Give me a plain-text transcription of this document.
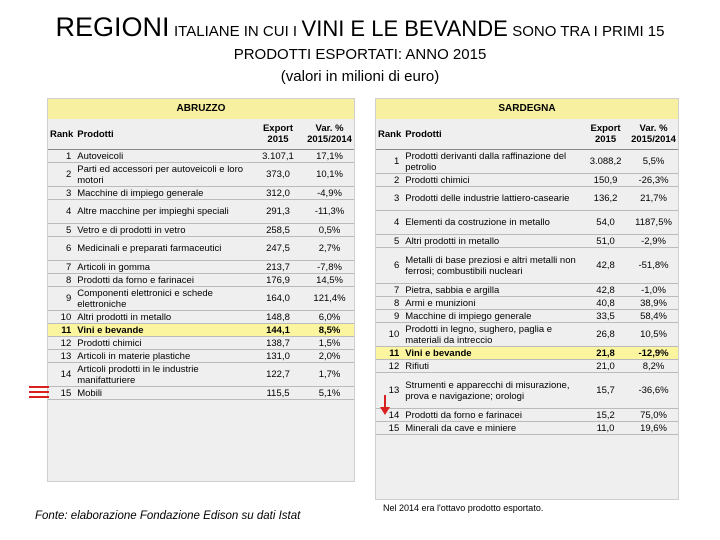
REGIONI ITALIANE IN CUI I VINI E LE BEVANDE SONO TRA I PRIMI 15
PRODOTTI ESPORTATI: ANNO 2015
(valori in milioni di euro)
ABRUZZO
Rank	Prodotti	Export 2015	Var. %
2015/2014
1	Autoveicoli	3.107,1	17,1%
2	Parti ed accessori per autoveicoli e loro motori	373,0	10,1%
3	Macchine di impiego generale	312,0	-4,9%
4	Altre macchine per impieghi speciali	291,3	-11,3%
5	Vetro e di prodotti in vetro	258,5	0,5%
6	Medicinali e preparati farmaceutici	247,5	2,7%
7	Articoli in gomma	213,7	-7,8%
8	Prodotti da forno e farinacei	176,9	14,5%
9	Componenti elettronici e schede elettroniche	164,0	121,4%
10	Altri prodotti in metallo	148,8	6,0%
11	Vini e bevande	144,1	8,5%
12	Prodotti chimici	138,7	1,5%
13	Articoli in materie plastiche	131,0	2,0%
14	Articoli prodotti in le industrie manifatturiere	122,7	1,7%
15	Mobili	115,5	5,1%
SARDEGNA
Rank	Prodotti	Export 2015	Var. %
2015/2014
1	Prodotti derivanti dalla raffinazione del petrolio	3.088,2	5,5%
2	Prodotti chimici	150,9	-26,3%
3	Prodotti delle industrie lattiero-casearie	136,2	21,7%
4	Elementi da costruzione in metallo	54,0	1187,5%
5	Altri prodotti in metallo	51,0	-2,9%
6	Metalli di base preziosi e altri metalli non ferrosi; combustibili nucleari	42,8	-51,8%
7	Pietra, sabbia e argilla	42,8	-1,0%
8	Armi e munizioni	40,8	38,9%
9	Macchine di impiego generale	33,5	58,4%
10	Prodotti in legno, sughero, paglia e materiali da intreccio	26,8	10,5%
11	Vini e bevande	21,8	-12,9%
12	Rifiuti	21,0	8,2%
13	Strumenti e apparecchi di misurazione, prova e navigazione; orologi	15,7	-36,6%
14	Prodotti da forno e farinacei	15,2	75,0%
15	Minerali da cave e miniere	11,0	19,6%
Fonte: elaborazione Fondazione Edison su dati Istat
Nel 2014 era l'ottavo prodotto esportato.
